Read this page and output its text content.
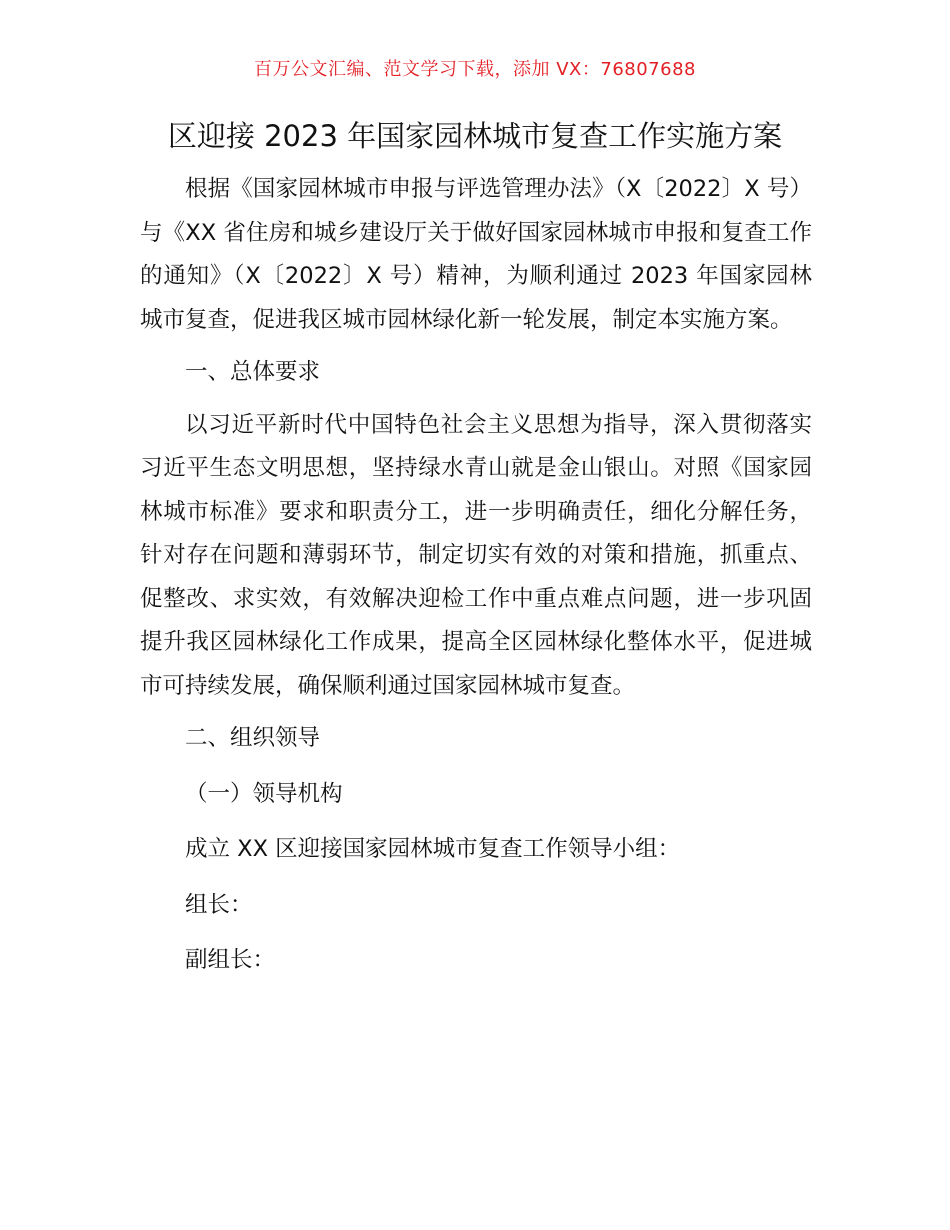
百万公文汇编、范文学习下载，添加 VX：76807688
区迎接 2023 年国家园林城市复查工作实施方案

根据《国家园林城市申报与评选管理办法》（X〔2022〕X 号）与《XX 省住房和城乡建设厅关于做好国家园林城市申报和复查工作的通知》（X〔2022〕X 号）精神，为顺利通过 2023 年国家园林城市复查，促进我区城市园林绿化新一轮发展，制定本实施方案。

一、总体要求

以习近平新时代中国特色社会主义思想为指导，深入贯彻落实习近平生态文明思想，坚持绿水青山就是金山银山。对照《国家园林城市标准》要求和职责分工，进一步明确责任，细化分解任务，针对存在问题和薄弱环节，制定切实有效的对策和措施，抓重点、促整改、求实效，有效解决迎检工作中重点难点问题，进一步巩固提升我区园林绿化工作成果，提高全区园林绿化整体水平，促进城市可持续发展，确保顺利通过国家园林城市复查。

二、组织领导

（一）领导机构

成立 XX 区迎接国家园林城市复查工作领导小组：

组长：

副组长：
